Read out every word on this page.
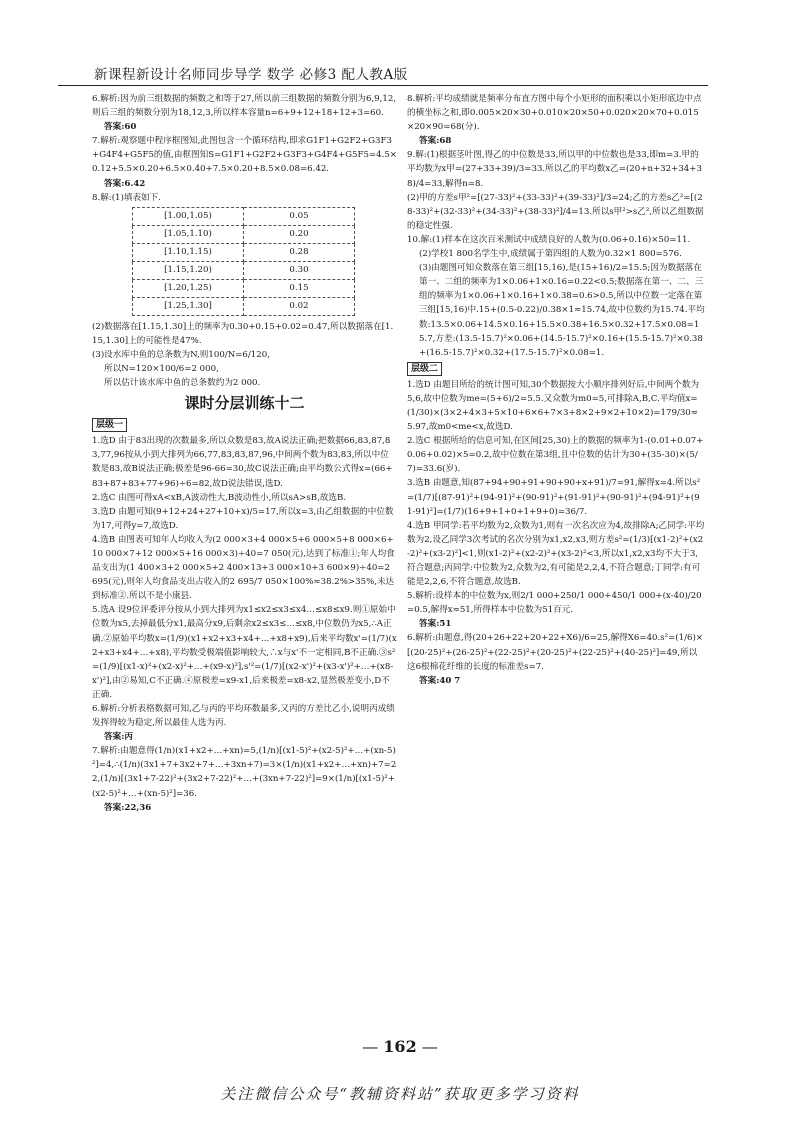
新课程新设计名师同步导学 数学 必修3 配人教A版

6.解析:因为前三组数据的频数之和等于27,所以前三组数据的频数分别为6,9,12,则后三组的频数分别为18,12,3,所以样本容量n=6+9+12+18+12+3=60.

答案:60

7.解析:观察题中程序框图知,此图包含一个循环结构,即求G1F1+G2F2+G3F3+G4F4+G5F5的值,由框图知S=G1F1+G2F2+G3F3+G4F4+G5F5=4.5×0.12+5.5×0.20+6.5×0.40+7.5×0.20+8.5×0.08=6.42.

答案:6.42

8.解:(1)填表如下.

[1.00,1.05)	0.05
[1.05,1.10)	0.20
[1.10,1.15)	0.28
[1.15,1.20)	0.30
[1.20,1.25)	0.15
[1.25,1.30]	0.02

(2)数据落在[1.15,1.30]上的频率为0.30+0.15+0.02=0.47,所以数据落在[1.15,1.30]上的可能性是47%.

(3)设水库中鱼的总条数为N,则100/N=6/120,

所以N=120×100/6=2 000,

所以估计该水库中鱼的总条数约为2 000.

课时分层训练十二
层级一

1.选D 由于83出现的次数最多,所以众数是83,故A说法正确;把数据66,83,87,83,77,96按从小到大排列为66,77,83,83,87,96,中间两个数为83,83,所以中位数是83,故B说法正确;极差是96-66=30,故C说法正确;由平均数公式得x=(66+83+87+83+77+96)÷6=82,故D说法错误,选D.

2.选C 由图可得xA<xB,A波动性大,B波动性小,所以sA>sB,故选B.

3.选D 由题可知(9+12+24+27+10+x)/5=17,所以x=3,由乙组数据的中位数为17,可得y=7,故选D.

4.选B 由图表可知年人均收入为(2 000×3+4 000×5+6 000×5+8 000×6+10 000×7+12 000×5+16 000×3)÷40=7 050(元),达到了标准①;年人均食品支出为(1 400×3+2 000×5+2 400×13+3 000×10+3 600×9)÷40=2 695(元),则年人均食品支出占收入的2 695/7 050×100%≈38.2%>35%,未达到标准②.所以不是小康县.

5.选A 设9位评委评分按从小到大排列为x1≤x2≤x3≤x4…≤x8≤x9.则①原始中位数为x5,去掉最低分x1,最高分x9,后剩余x2≤x3≤…≤x8,中位数仍为x5,∴A正确.②原始平均数x=(1/9)(x1+x2+x3+x4+…+x8+x9),后来平均数x'=(1/7)(x2+x3+x4+…+x8),平均数受极端值影响较大,∴x与x'不一定相同,B不正确.③s²=(1/9)[(x1-x)²+(x2-x)²+…+(x9-x)²],s'²=(1/7)[(x2-x')²+(x3-x')²+…+(x8-x')²],由②易知,C不正确.④原极差=x9-x1,后来极差=x8-x2,显然极差变小,D不正确.

6.解析:分析表格数据可知,乙与丙的平均环数最多,又丙的方差比乙小,说明丙成绩发挥得较为稳定,所以最佳人选为丙.

答案:丙

7.解析:由题意得(1/n)(x1+x2+…+xn)=5,(1/n)[(x1-5)²+(x2-5)²+…+(xn-5)²]=4,∴(1/n)(3x1+7+3x2+7+…+3xn+7)=3×(1/n)(x1+x2+…+xn)+7=22,(1/n)[(3x1+7-22)²+(3x2+7-22)²+…+(3xn+7-22)²]=9×(1/n)[(x1-5)²+(x2-5)²+…+(xn-5)²]=36.

答案:22,36

8.解析:平均成绩就是频率分布直方图中每个小矩形的面积乘以小矩形底边中点的横坐标之和,即0.005×20×30+0.010×20×50+0.020×20×70+0.015×20×90=68(分).

答案:68

9.解:(1)根据茎叶图,得乙的中位数是33,所以甲的中位数也是33,即m=3.甲的平均数为x甲=(27+33+39)/3=33.所以乙的平均数x乙=(20+n+32+34+38)/4=33,解得n=8.

(2)甲的方差s甲²=[(27-33)²+(33-33)²+(39-33)²]/3=24;乙的方差s乙²=[(28-33)²+(32-33)²+(34-33)²+(38-33)²]/4=13.所以s甲²>s乙²,所以乙组数据的稳定性强.

10.解:(1)样本在这次百米测试中成绩良好的人数为(0.06+0.16)×50=11.

(2)学校1 800名学生中,成绩属于第四组的人数为0.32×1 800=576.

(3)由题图可知众数落在第三组[15,16),是(15+16)/2=15.5;因为数据落在第一、二组的频率为1×0.06+1×0.16=0.22<0.5;数据落在第一、二、三组的频率为1×0.06+1×0.16+1×0.38=0.6>0.5,所以中位数一定落在第三组[15,16)中.15+(0.5-0.22)/0.38×1≈15.74,故中位数约为15.74.平均数:13.5×0.06+14.5×0.16+15.5×0.38+16.5×0.32+17.5×0.08=15.7,方差:(13.5-15.7)²×0.06+(14.5-15.7)²×0.16+(15.5-15.7)²×0.38+(16.5-15.7)²×0.32+(17.5-15.7)²×0.08=1.

层级二

1.选D 由题目所给的统计图可知,30个数据按大小顺序排列好后,中间两个数为5,6,故中位数为me=(5+6)/2=5.5.又众数为m0=5,可排除A,B,C.平均值x=(1/30)×(3×2+4×3+5×10+6×6+7×3+8×2+9×2+10×2)=179/30≈5.97,故m0<me<x,故选D.

2.选C 根据所给的信息可知,在区间[25,30)上的数据的频率为1-(0.01+0.07+0.06+0.02)×5=0.2,故中位数在第3组,且中位数的估计为30+(35-30)×(5/7)=33.6(岁).

3.选B 由题意,知(87+94+90+91+90+90+x+91)/7=91,解得x=4.所以s²=(1/7)[(87-91)²+(94-91)²+(90-91)²+(91-91)²+(90-91)²+(94-91)²+(91-91)²]=(1/7)(16+9+1+0+1+9+0)=36/7.

4.选B 甲同学:若平均数为2,众数为1,则有一次名次应为4,故排除A;乙同学:平均数为2,设乙同学3次考试的名次分别为x1,x2,x3,则方差s²=(1/3)[(x1-2)²+(x2-2)²+(x3-2)²]<1,则(x1-2)²+(x2-2)²+(x3-2)²<3,所以x1,x2,x3均不大于3,符合题意;丙同学:中位数为2,众数为2,有可能是2,2,4,不符合题意;丁同学:有可能是2,2,6,不符合题意,故选B.

5.解析:设样本的中位数为x,则2/1 000+250/1 000+450/1 000+(x-40)/20=0.5,解得x≈51,所得样本中位数为51百元.

答案:51

6.解析:由题意,得(20+26+22+20+22+X6)/6=25,解得X6=40.s²=(1/6)×[(20-25)²+(26-25)²+(22-25)²+(20-25)²+(22-25)²+(40-25)²]=49,所以这6根棉花纤维的长度的标准差s=7.

答案:40 7

— 162 —
关注微信公众号“教辅资料站”获取更多学习资料
